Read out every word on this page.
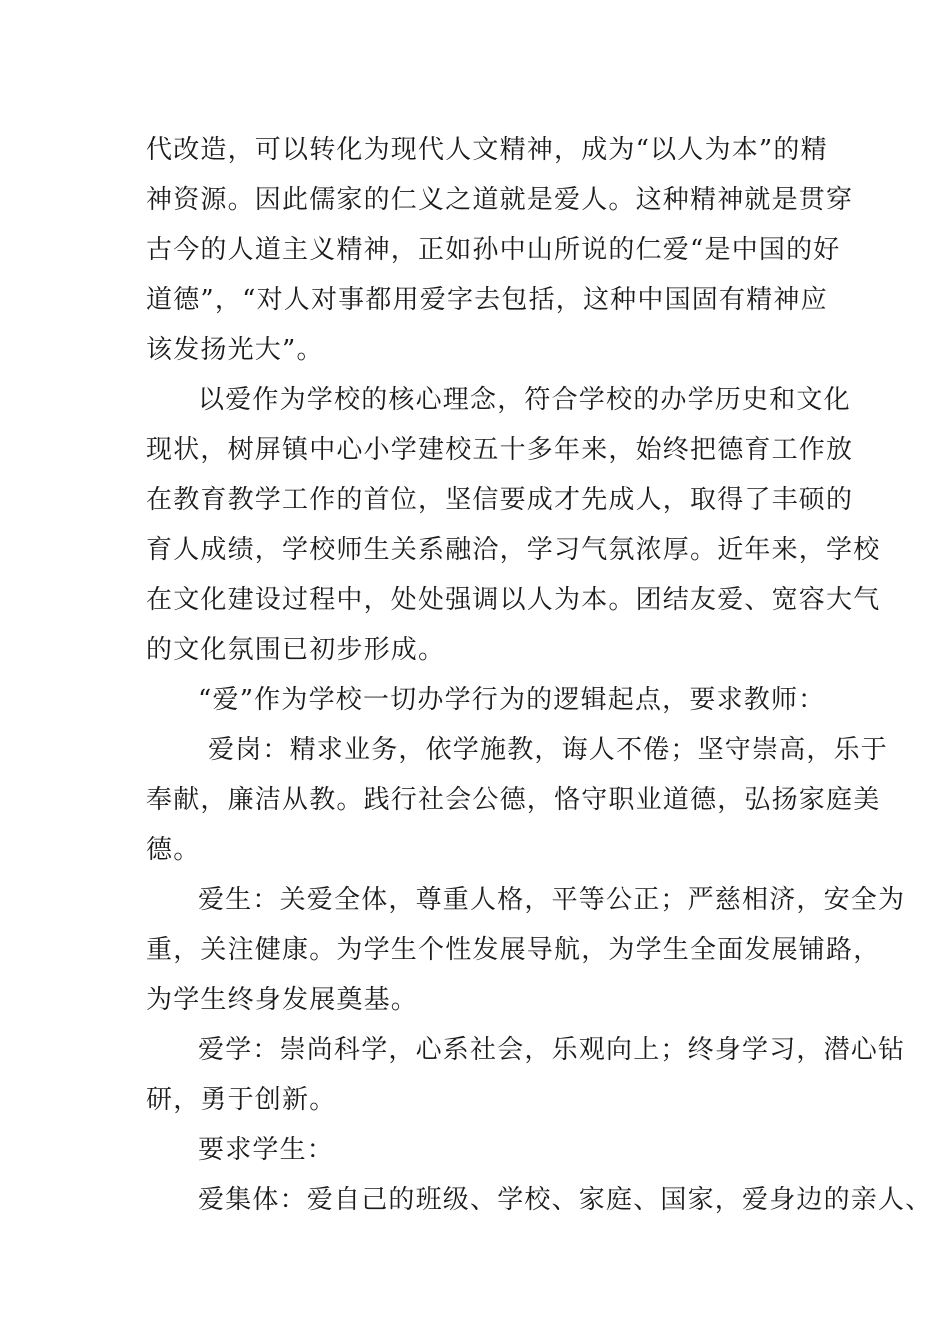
代改造，可以转化为现代人文精神，成为“以人为本”的精

神资源。因此儒家的仁义之道就是爱人。这种精神就是贯穿

古今的人道主义精神，正如孙中山所说的仁爱“是中国的好

道德”，“对人对事都用爱字去包括，这种中国固有精神应

该发扬光大”。

以爱作为学校的核心理念，符合学校的办学历史和文化

现状，树屏镇中心小学建校五十多年来，始终把德育工作放

在教育教学工作的首位，坚信要成才先成人，取得了丰硕的

育人成绩，学校师生关系融洽，学习气氛浓厚。近年来，学校

在文化建设过程中，处处强调以人为本。团结友爱、宽容大气

的文化氛围已初步形成。

“爱”作为学校一切办学行为的逻辑起点，要求教师：

爱岗：精求业务，依学施教，诲人不倦；坚守崇高，乐于

奉献，廉洁从教。践行社会公德，恪守职业道德，弘扬家庭美

德。

爱生：关爱全体，尊重人格，平等公正；严慈相济，安全为

重，关注健康。为学生个性发展导航，为学生全面发展铺路，

为学生终身发展奠基。

爱学：崇尚科学，心系社会，乐观向上；终身学习，潜心钻

研，勇于创新。

要求学生：

爱集体：爱自己的班级、学校、家庭、国家，爱身边的亲人、
